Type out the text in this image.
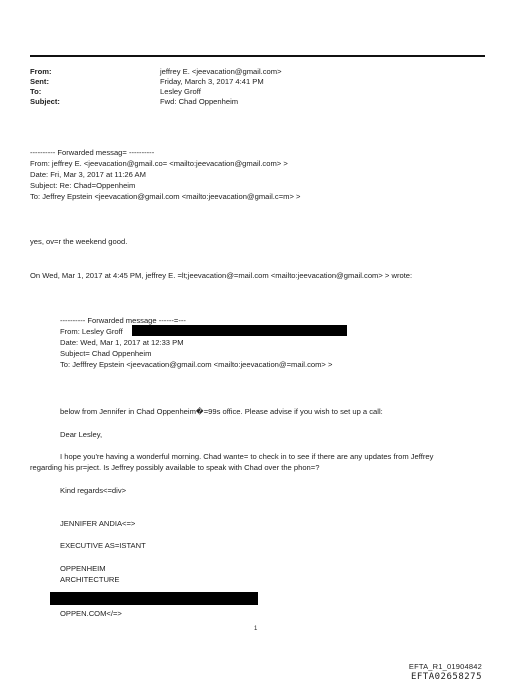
From:	jeffrey E. <jeevacation@gmail.com>
Sent:	Friday, March 3, 2017 4:41 PM
To:	Lesley Groff
Subject:	Fwd: Chad Oppenheim
---------- Forwarded messag= ----------
From: jeffrey E. <jeevacation@gmail.co= <mailto:jeevacation@gmail.com> >
Date: Fri, Mar 3, 2017 at 11:26 AM
Subject: Re: Chad=Oppenheim
To: Jeffrey Epstein <jeevacation@gmail.com <mailto:jeevacation@gmail.c=m> >
yes, ov=r the weekend good.
On Wed, Mar 1, 2017 at 4:45 PM, jeffrey E. =lt;jeevacation@=mail.com <mailto:jeevacation@gmail.com> > wrote:
---------- Forwarded message ------=---
From: Lesley Groff
Date: Wed, Mar 1, 2017 at 12:33 PM
Subject= Chad Oppenheim
To: Jefffrey Epstein <jeevacation@gmail.com <mailto:jeevacation@=mail.com> >
below from Jennifer in Chad Oppenheim�=99s office. Please advise if you wish to set up a call:
Dear Lesley,
I hope you're having a wonderful morning. Chad wante= to check in to see if there are any updates from Jeffrey
regarding his pr=ject. Is Jeffrey possibly available to speak with Chad over the phon=?
Kind regards<=div>
JENNIFER ANDIA<=>
EXECUTIVE AS=ISTANT
OPPENHEIM
ARCHITECTURE
OPPEN.COM</=>
1
EFTA_R1_01904842
EFTA02658275
